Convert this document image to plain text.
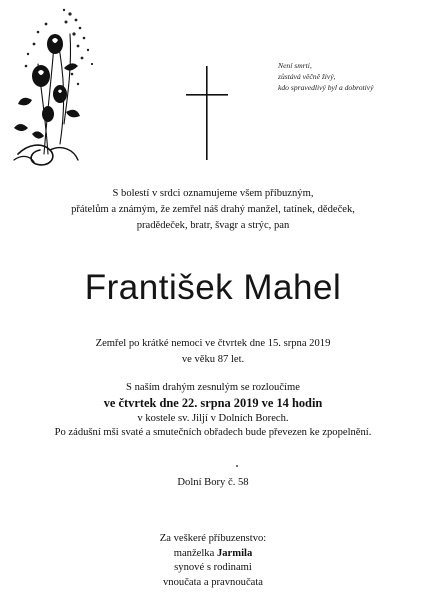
Není smrti,
zůstává věčně živý,
kdo spravedlivý byl a dobrotivý
S bolestí v srdci oznamujeme všem příbuzným,
přátelům a známým, že zemřel náš drahý manžel, tatínek, dědeček,
pradědeček, bratr, švagr a strýc, pan
František Mahel
Zemřel po krátké nemoci ve čtvrtek dne 15. srpna 2019
ve věku 87 let.
S naším drahým zesnulým se rozloučíme
ve čtvrtek dne 22. srpna 2019 ve 14 hodin
v kostele sv. Jiljí v Dolních Borech.
Po zádušní mši svaté a smutečních obřadech bude převezen ke zpopelnění.
Dolní Bory č. 58
Za veškeré příbuzenstvo:
manželka Jarmila
synové s rodinami
vnoučata a pravnoučata
